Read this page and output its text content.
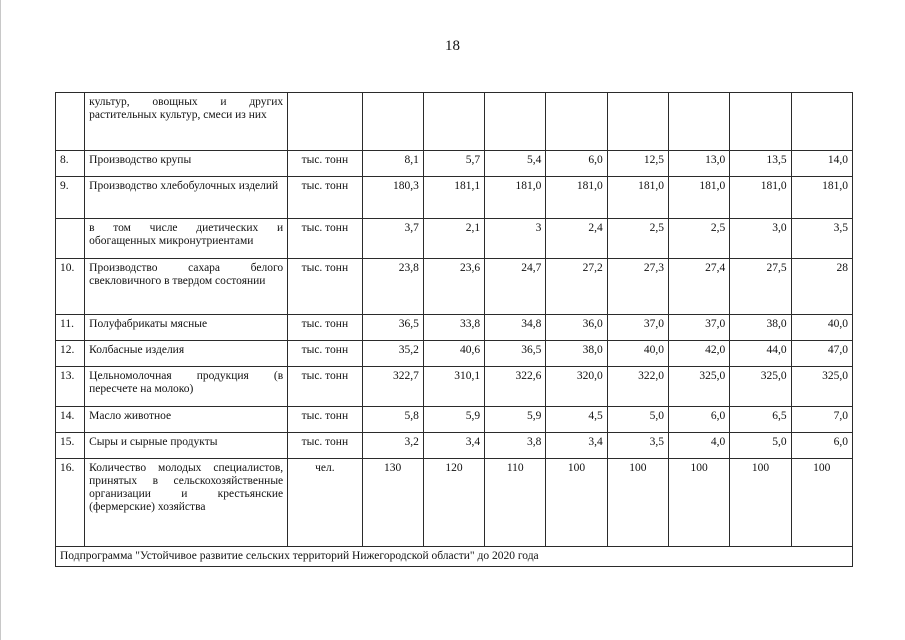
18
	культур, овощных и других растительных культур, смеси из них									
8.	Производство крупы	тыс. тонн	8,1	5,7	5,4	6,0	12,5	13,0	13,5	14,0
9.	Производство хлебобулочных изделий	тыс. тонн	180,3	181,1	181,0	181,0	181,0	181,0	181,0	181,0
	в том числе диетических и обогащенных микронутриентами	тыс. тонн	3,7	2,1	3	2,4	2,5	2,5	3,0	3,5
10.	Производство сахара белого свекловичного в твердом состоянии	тыс. тонн	23,8	23,6	24,7	27,2	27,3	27,4	27,5	28
11.	Полуфабрикаты мясные	тыс. тонн	36,5	33,8	34,8	36,0	37,0	37,0	38,0	40,0
12.	Колбасные изделия	тыс. тонн	35,2	40,6	36,5	38,0	40,0	42,0	44,0	47,0
13.	Цельномолочная продукция (в пересчете на молоко)	тыс. тонн	322,7	310,1	322,6	320,0	322,0	325,0	325,0	325,0
14.	Масло животное	тыс. тонн	5,8	5,9	5,9	4,5	5,0	6,0	6,5	7,0
15.	Сыры и сырные продукты	тыс. тонн	3,2	3,4	3,8	3,4	3,5	4,0	5,0	6,0
16.	Количество молодых специалистов, принятых в сельскохозяйственные организации и крестьянские (фермерские) хозяйства	чел.	130	120	110	100	100	100	100	100
Подпрограмма "Устойчивое развитие сельских территорий Нижегородской области" до 2020 года										
